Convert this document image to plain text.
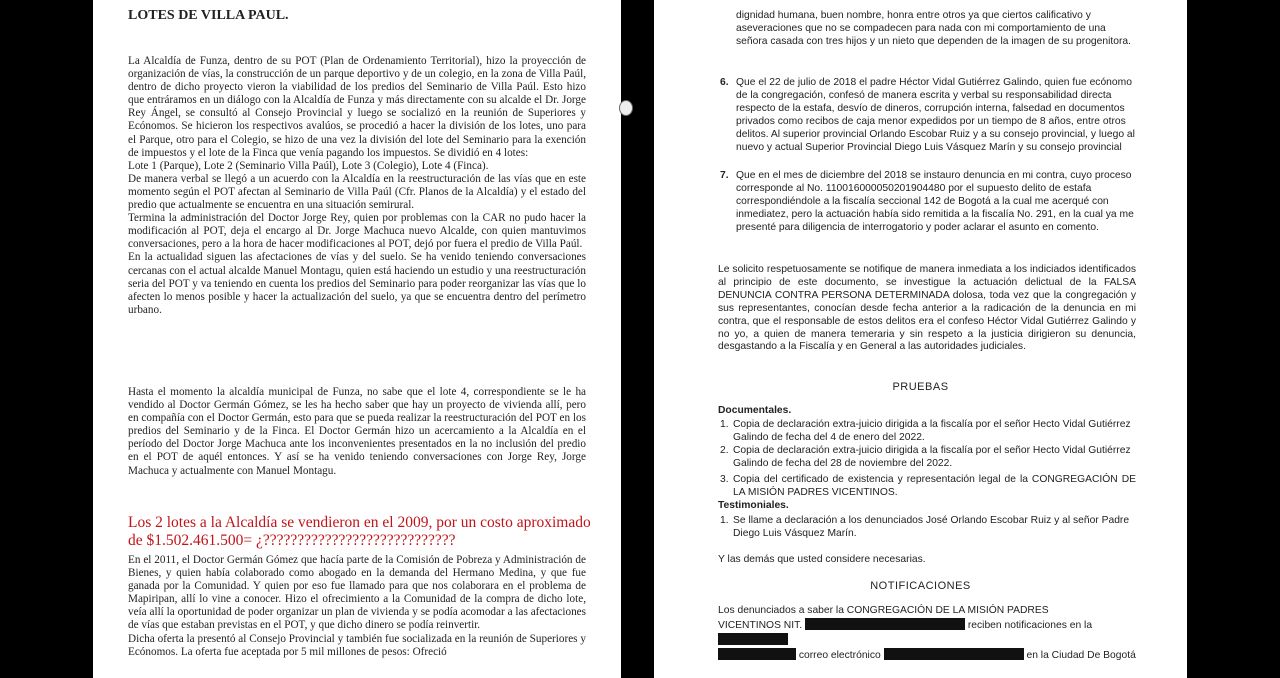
LOTES DE VILLA PAUL.

La Alcaldía de Funza, dentro de su POT (Plan de Ordenamiento Territorial), hizo la proyección de organización de vías, la construcción de un parque deportivo y de un colegio, en la zona de Villa Paúl, dentro de dicho proyecto vieron la viabilidad de los predios del Seminario de Villa Paúl. Esto hizo que entráramos en un diálogo con la Alcaldía de Funza y más directamente con su alcalde el Dr. Jorge Rey Ángel, se consultó al Consejo Provincial y luego se socializó en la reunión de Superiores y Ecónomos. Se hicieron los respectivos avalúos, se procedió a hacer la división de los lotes, uno para el Parque, otro para el Colegio, se hizo de una vez la división del lote del Seminario para la exención de impuestos y el lote de la Finca que venía pagando los impuestos. Se dividió en 4 lotes:

Lote 1 (Parque), Lote 2 (Seminario Villa Paúl), Lote 3 (Colegio), Lote 4 (Finca).

De manera verbal se llegó a un acuerdo con la Alcaldía en la reestructuración de las vías que en este momento según el POT afectan al Seminario de Villa Paúl (Cfr. Planos de la Alcaldía) y el estado del predio que actualmente se encuentra en una situación semirural.

Termina la administración del Doctor Jorge Rey, quien por problemas con la CAR no pudo hacer la modificación al POT, deja el encargo al Dr. Jorge Machuca nuevo Alcalde, con quien mantuvimos conversaciones, pero a la hora de hacer modificaciones al POT, dejó por fuera el predio de Villa Paúl.

En la actualidad siguen las afectaciones de vías y del suelo. Se ha venido teniendo conversaciones cercanas con el actual alcalde Manuel Montagu, quien está haciendo un estudio y una reestructuración seria del POT y va teniendo en cuenta los predios del Seminario para poder reorganizar las vías que lo afecten lo menos posible y hacer la actualización del suelo, ya que se encuentra dentro del perímetro urbano.

Hasta el momento la alcaldía municipal de Funza, no sabe que el lote 4, correspondiente se le ha vendido al Doctor Germán Gómez, se les ha hecho saber que hay un proyecto de vivienda allí, pero en compañía con el Doctor Germán, esto para que se pueda realizar la reestructuración del POT en los predios del Seminario y de la Finca. El Doctor Germán hizo un acercamiento a la Alcaldía en el período del Doctor Jorge Machuca ante los inconvenientes presentados en la no inclusión del predio en el POT de aquél entonces. Y así se ha venido teniendo conversaciones con Jorge Rey, Jorge Machuca y actualmente con Manuel Montagu.

Los 2 lotes a la Alcaldía se vendieron en el 2009, por un costo aproximado de $1.502.461.500= ¿????????????????????????????

En el 2011, el Doctor Germán Gómez que hacía parte de la Comisión de Pobreza y Administración de Bienes, y quien había colaborado como abogado en la demanda del Hermano Medina, y que fue ganada por la Comunidad. Y quien por eso fue llamado para que nos colaborara en el problema de Mapiripan, allí lo vine a conocer. Hizo el ofrecimiento a la Comunidad de la compra de dicho lote, veía allí la oportunidad de poder organizar un plan de vivienda y se podía acomodar a las afectaciones de vías que estaban previstas en el POT, y que dicho dinero se podía reinvertir.

Dicha oferta la presentó al Consejo Provincial y también fue socializada en la reunión de Superiores y Ecónomos. La oferta fue aceptada por 5 mil millones de pesos: Ofreció

dignidad humana, buen nombre, honra entre otros ya que ciertos calificativo y aseveraciones que no se compadecen para nada con mi comportamiento de una señora casada con tres hijos y un nieto que dependen de la imagen de su progenitora.
6. Que el 22 de julio de 2018 el padre Héctor Vidal Gutiérrez Galindo, quien fue ecónomo de la congregación, confesó de manera escrita y verbal su responsabilidad directa respecto de la estafa, desvío de dineros, corrupción interna, falsedad en documentos privados como recibos de caja menor expedidos por un tiempo de 8 años, entre otros delitos. Al superior provincial Orlando Escobar Ruiz y a su consejo provincial, y luego al nuevo y actual Superior Provincial Diego Luis Vásquez Marín y su consejo provincial
7. Que en el mes de diciembre del 2018 se instauro denuncia en mi contra, cuyo proceso corresponde al No. 110016000050201904480 por el supuesto delito de estafa correspondiéndole a la fiscalía seccional 142 de Bogotá a la cual me acerqué con inmediatez, pero la actuación había sido remitida a la fiscalía No. 291, en la cual ya me presenté para diligencia de interrogatorio y poder aclarar el asunto en comento.
Le solicito respetuosamente se notifique de manera inmediata a los indiciados identificados al principio de este documento, se investigue la actuación delictual de la FALSA DENUNCIA CONTRA PERSONA DETERMINADA dolosa, toda vez que la congregación y sus representantes, conocían desde fecha anterior a la radicación de la denuncia en mi contra, que el responsable de estos delitos era el confeso Héctor Vidal Gutiérrez Galindo y no yo, a quien de manera temeraria y sin respeto a la justicia dirigieron su denuncia, desgastando a la Fiscalía y en General a las autoridades judiciales.
PRUEBAS
Documentales.
1. Copia de declaración extra-juicio dirigida a la fiscalía por el señor Hecto Vidal Gutiérrez Galindo de fecha del 4 de enero del 2022.
2. Copia de declaración extra-juicio dirigida a la fiscalía por el señor Hecto Vidal Gutiérrez Galindo de fecha del 28 de noviembre del 2022.
3. Copia del certificado de existencia y representación legal de la CONGREGACIÓN DE LA MISIÓN PADRES VICENTINOS.
Testimoniales.
1. Se llame a declaración a los denunciados José Orlando Escobar Ruiz y al señor Padre Diego Luis Vásquez Marín.
Y las demás que usted considere necesarias.
NOTIFICACIONES

Los denunciados a saber la CONGREGACIÓN DE LA MISIÓN PADRES

VICENTINOS NIT.	reciben notificaciones en la

correo electrónico	en la Ciudad De Bogotá
